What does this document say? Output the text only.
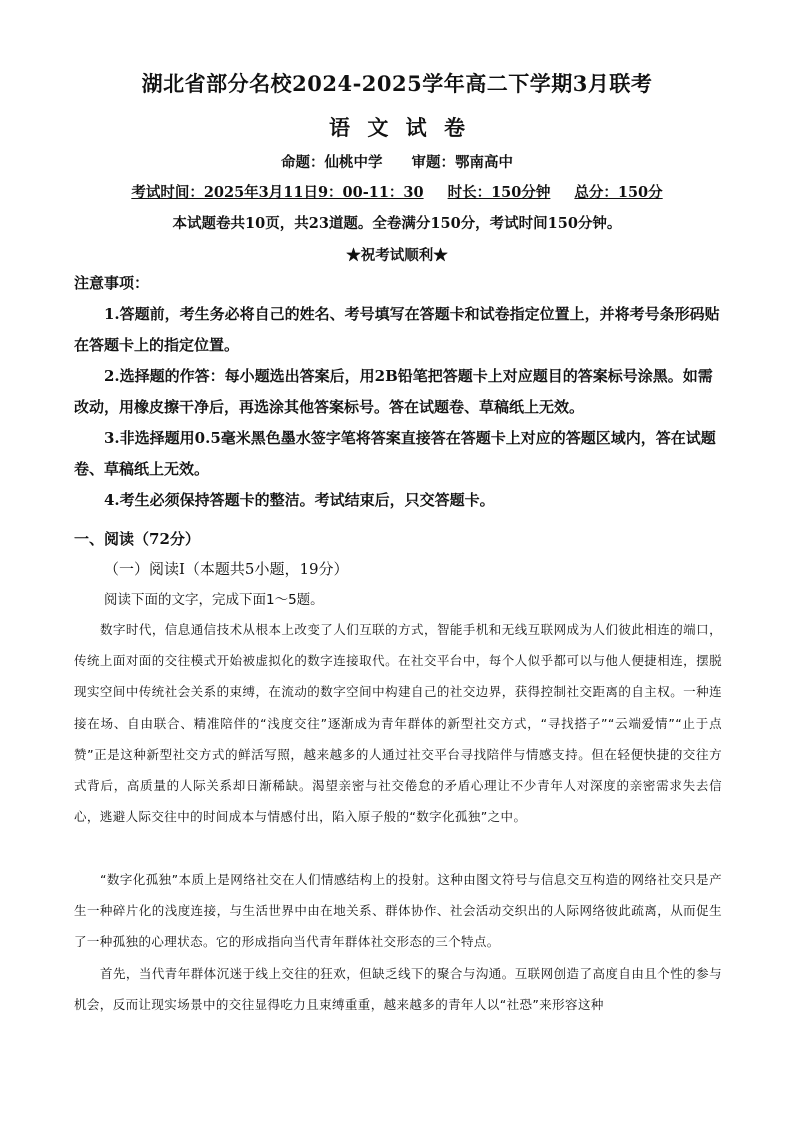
湖北省部分名校2024-2025学年高二下学期3月联考
语 文 试 卷
命题：仙桃中学　　审题：鄂南高中
考试时间：2025年3月11日9：00-11：30 时长：150分钟 总分：150分
本试题卷共10页，共23道题。全卷满分150分，考试时间150分钟。
★祝考试顺利★
注意事项：
1.答题前，考生务必将自己的姓名、考号填写在答题卡和试卷指定位置上，并将考号条形码贴在答题卡上的指定位置。
2.选择题的作答：每小题选出答案后，用2B铅笔把答题卡上对应题目的答案标号涂黑。如需改动，用橡皮擦干净后，再选涂其他答案标号。答在试题卷、草稿纸上无效。
3.非选择题用0.5毫米黑色墨水签字笔将答案直接答在答题卡上对应的答题区域内，答在试题卷、草稿纸上无效。
4.考生必须保持答题卡的整洁。考试结束后，只交答题卡。
一、阅读（72分）
（一）阅读Ⅰ（本题共5小题，19分）
阅读下面的文字，完成下面1～5题。
数字时代，信息通信技术从根本上改变了人们互联的方式，智能手机和无线互联网成为人们彼此相连的端口，传统上面对面的交往模式开始被虚拟化的数字连接取代。在社交平台中，每个人似乎都可以与他人便捷相连，摆脱现实空间中传统社会关系的束缚，在流动的数字空间中构建自己的社交边界，获得控制社交距离的自主权。一种连接在场、自由联合、精准陪伴的“浅度交往”逐渐成为青年群体的新型社交方式，“寻找搭子”“云端爱情”“止于点赞”正是这种新型社交方式的鲜活写照，越来越多的人通过社交平台寻找陪伴与情感支持。但在轻便快捷的交往方式背后，高质量的人际关系却日渐稀缺。渴望亲密与社交倦怠的矛盾心理让不少青年人对深度的亲密需求失去信心，逃避人际交往中的时间成本与情感付出，陷入原子般的“数字化孤独”之中。
“数字化孤独”本质上是网络社交在人们情感结构上的投射。这种由图文符号与信息交互构造的网络社交只是产生一种碎片化的浅度连接，与生活世界中由在地关系、群体协作、社会活动交织出的人际网络彼此疏离，从而促生了一种孤独的心理状态。它的形成指向当代青年群体社交形态的三个特点。
首先，当代青年群体沉迷于线上交往的狂欢，但缺乏线下的聚合与沟通。互联网创造了高度自由且个性的参与机会，反而让现实场景中的交往显得吃力且束缚重重，越来越多的青年人以“社恐”来形容这种
